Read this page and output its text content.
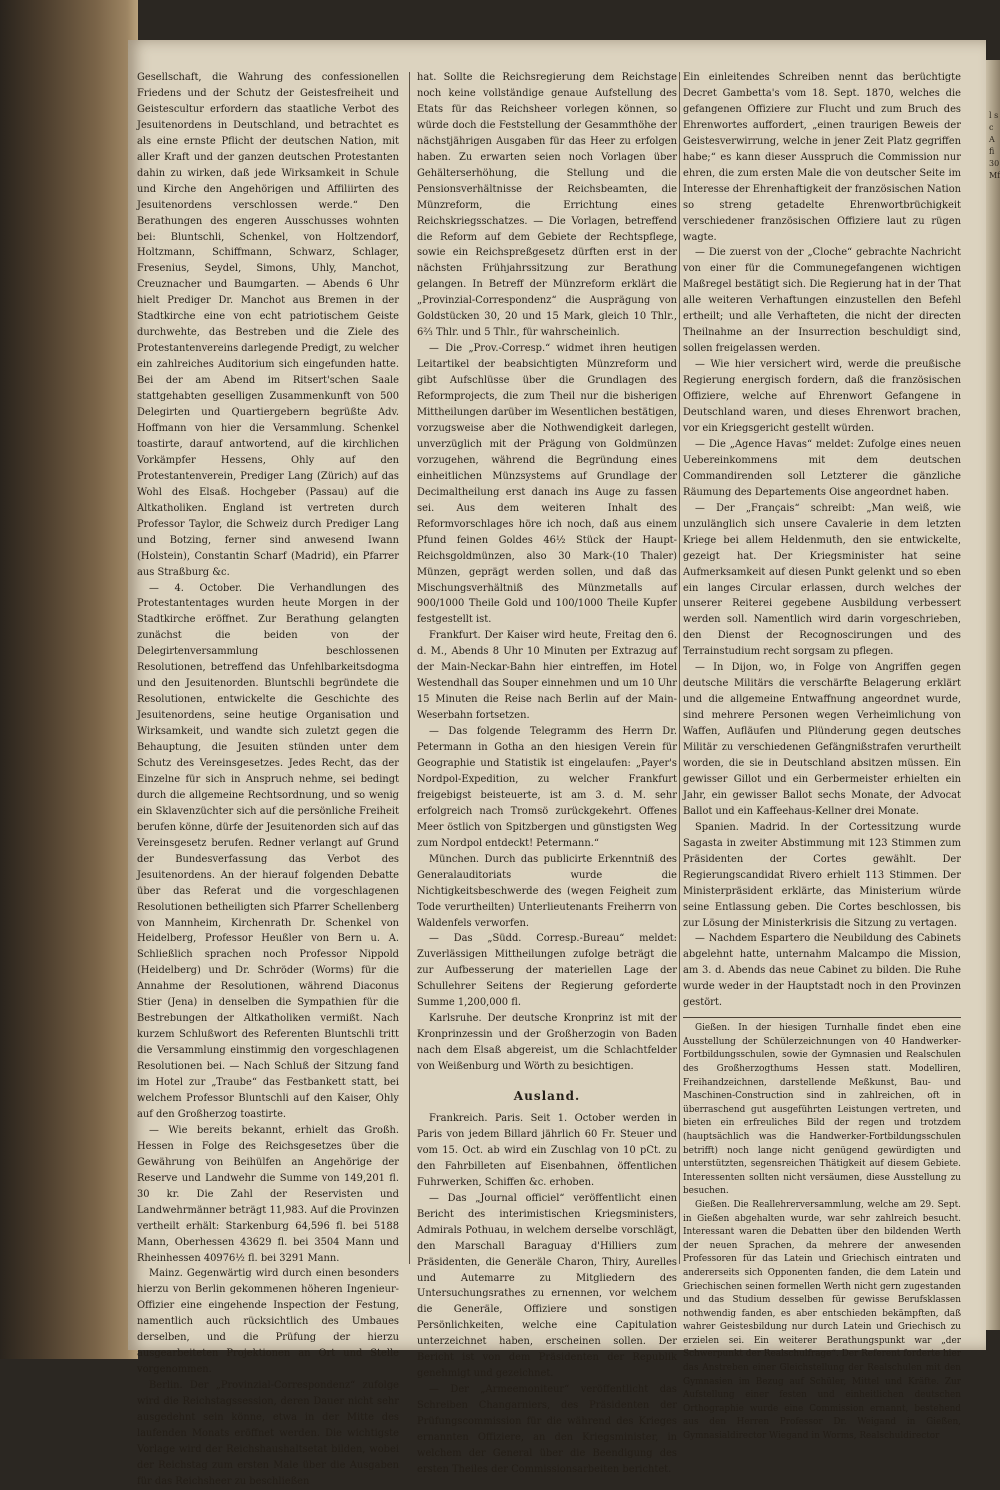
Gesellschaft, die Wahrung des confessionellen Friedens und der Schutz der Geistesfreiheit und Geistescultur erfordern das staatliche Verbot des Jesuitenordens in Deutschland, und betrachtet es als eine ernste Pflicht der deutschen Nation, mit aller Kraft und der ganzen deutschen Protestanten dahin zu wirken, daß jede Wirksamkeit in Schule und Kirche den Angehörigen und Affiliirten des Jesuitenordens verschlossen werde.“ Den Berathungen des engeren Ausschusses wohnten bei: Bluntschli, Schenkel, von Holtzendorf, Holtzmann, Schiffmann, Schwarz, Schlager, Fresenius, Seydel, Simons, Uhly, Manchot, Creuznacher und Baumgarten. — Abends 6 Uhr hielt Prediger Dr. Manchot aus Bremen in der Stadtkirche eine von echt patriotischem Geiste durchwehte, das Bestreben und die Ziele des Protestantenvereins darlegende Predigt, zu welcher ein zahlreiches Auditorium sich eingefunden hatte. Bei der am Abend im Ritsert'schen Saale stattgehabten geselligen Zusammenkunft von 500 Delegirten und Quartiergebern begrüßte Adv. Hoffmann von hier die Versammlung. Schenkel toastirte, darauf antwortend, auf die kirchlichen Vorkämpfer Hessens, Ohly auf den Protestantenverein, Prediger Lang (Zürich) auf das Wohl des Elsaß. Hochgeber (Passau) auf die Altkatholiken. England ist vertreten durch Professor Taylor, die Schweiz durch Prediger Lang und Botzing, ferner sind anwesend Iwann (Holstein), Constantin Scharf (Madrid), ein Pfarrer aus Straßburg &c.

— 4. October. Die Verhandlungen des Protestantentages wurden heute Morgen in der Stadtkirche eröffnet. Zur Berathung gelangten zunächst die beiden von der Delegirtenversammlung beschlossenen Resolutionen, betreffend das Unfehlbarkeitsdogma und den Jesuitenorden. Bluntschli begründete die Resolutionen, entwickelte die Geschichte des Jesuitenordens, seine heutige Organisation und Wirksamkeit, und wandte sich zuletzt gegen die Behauptung, die Jesuiten stünden unter dem Schutz des Vereinsgesetzes. Jedes Recht, das der Einzelne für sich in Anspruch nehme, sei bedingt durch die allgemeine Rechtsordnung, und so wenig ein Sklavenzüchter sich auf die persönliche Freiheit berufen könne, dürfe der Jesuitenorden sich auf das Vereinsgesetz berufen. Redner verlangt auf Grund der Bundesverfassung das Verbot des Jesuitenordens. An der hierauf folgenden Debatte über das Referat und die vorgeschlagenen Resolutionen betheiligten sich Pfarrer Schellenberg von Mannheim, Kirchenrath Dr. Schenkel von Heidelberg, Professor Heußler von Bern u. A. Schließlich sprachen noch Professor Nippold (Heidelberg) und Dr. Schröder (Worms) für die Annahme der Resolutionen, während Diaconus Stier (Jena) in denselben die Sympathien für die Bestrebungen der Altkatholiken vermißt. Nach kurzem Schlußwort des Referenten Bluntschli tritt die Versammlung einstimmig den vorgeschlagenen Resolutionen bei. — Nach Schluß der Sitzung fand im Hotel zur „Traube“ das Festbankett statt, bei welchem Professor Bluntschli auf den Kaiser, Ohly auf den Großherzog toastirte.

— Wie bereits bekannt, erhielt das Großh. Hessen in Folge des Reichsgesetzes über die Gewährung von Beihülfen an Angehörige der Reserve und Landwehr die Summe von 149,201 fl. 30 kr. Die Zahl der Reservisten und Landwehrmänner beträgt 11,983. Auf die Provinzen vertheilt erhält: Starkenburg 64,596 fl. bei 5188 Mann, Oberhessen 43629 fl. bei 3504 Mann und Rheinhessen 40976½ fl. bei 3291 Mann.

Mainz. Gegenwärtig wird durch einen besonders hierzu von Berlin gekommenen höheren Ingenieur-Offizier eine eingehende Inspection der Festung, namentlich auch rücksichtlich des Umbaues derselben, und die Prüfung der hierzu ausgearbeiteten Projektionen an Ort und Stelle vorgenommen.

Berlin. Der „Provinzial-Correspondenz“ zufolge wird die Reichstagssession, deren Dauer nicht sehr ausgedehnt sein könne, etwa in der Mitte des laufenden Monats eröffnet werden. Die wichtigste Vorlage wird der Reichshaushaltsetat bilden, wobei der Reichstag zum ersten Male über die Ausgaben für das Reichsheer zu beschließen

hat. Sollte die Reichsregierung dem Reichstage noch keine vollständige genaue Aufstellung des Etats für das Reichsheer vorlegen können, so würde doch die Feststellung der Gesammthöhe der nächstjährigen Ausgaben für das Heer zu erfolgen haben. Zu erwarten seien noch Vorlagen über Gehälterserhöhung, die Stellung und die Pensionsverhältnisse der Reichsbeamten, die Münzreform, die Errichtung eines Reichskriegsschatzes. — Die Vorlagen, betreffend die Reform auf dem Gebiete der Rechtspflege, sowie ein Reichspreßgesetz dürften erst in der nächsten Frühjahrssitzung zur Berathung gelangen. In Betreff der Münzreform erklärt die „Provinzial-Correspondenz“ die Ausprägung von Goldstücken 30, 20 und 15 Mark, gleich 10 Thlr., 6⅔ Thlr. und 5 Thlr., für wahrscheinlich.

— Die „Prov.-Corresp.“ widmet ihren heutigen Leitartikel der beabsichtigten Münzreform und gibt Aufschlüsse über die Grundlagen des Reformprojects, die zum Theil nur die bisherigen Mittheilungen darüber im Wesentlichen bestätigen, vorzugsweise aber die Nothwendigkeit darlegen, unverzüglich mit der Prägung von Goldmünzen vorzugehen, während die Begründung eines einheitlichen Münzsystems auf Grundlage der Decimaltheilung erst danach ins Auge zu fassen sei. Aus dem weiteren Inhalt des Reformvorschlages höre ich noch, daß aus einem Pfund feinen Goldes 46½ Stück der Haupt-Reichsgoldmünzen, also 30 Mark-(10 Thaler) Münzen, geprägt werden sollen, und daß das Mischungsverhältniß des Münzmetalls auf 900/1000 Theile Gold und 100/1000 Theile Kupfer festgestellt ist.

Frankfurt. Der Kaiser wird heute, Freitag den 6. d. M., Abends 8 Uhr 10 Minuten per Extrazug auf der Main-Neckar-Bahn hier eintreffen, im Hotel Westendhall das Souper einnehmen und um 10 Uhr 15 Minuten die Reise nach Berlin auf der Main-Weserbahn fortsetzen.

— Das folgende Telegramm des Herrn Dr. Petermann in Gotha an den hiesigen Verein für Geographie und Statistik ist eingelaufen: „Payer's Nordpol-Expedition, zu welcher Frankfurt freigebigst beisteuerte, ist am 3. d. M. sehr erfolgreich nach Tromsö zurückgekehrt. Offenes Meer östlich von Spitzbergen und günstigsten Weg zum Nordpol entdeckt! Petermann.“

München. Durch das publicirte Erkenntniß des Generalauditoriats wurde die Nichtigkeitsbeschwerde des (wegen Feigheit zum Tode verurtheilten) Unterlieutenants Freiherrn von Waldenfels verworfen.

— Das „Südd. Corresp.-Bureau“ meldet: Zuverlässigen Mittheilungen zufolge beträgt die zur Aufbesserung der materiellen Lage der Schullehrer Seitens der Regierung geforderte Summe 1,200,000 fl.

Karlsruhe. Der deutsche Kronprinz ist mit der Kronprinzessin und der Großherzogin von Baden nach dem Elsaß abgereist, um die Schlachtfelder von Weißenburg und Wörth zu besichtigen.

Ausland.

Frankreich. Paris. Seit 1. October werden in Paris von jedem Billard jährlich 60 Fr. Steuer und vom 15. Oct. ab wird ein Zuschlag von 10 pCt. zu den Fahrbilleten auf Eisenbahnen, öffentlichen Fuhrwerken, Schiffen &c. erhoben.

— Das „Journal officiel“ veröffentlicht einen Bericht des interimistischen Kriegsministers, Admirals Pothuau, in welchem derselbe vorschlägt, den Marschall Baraguay d'Hilliers zum Präsidenten, die Generäle Charon, Thiry, Aurelles und Autemarre zu Mitgliedern des Untersuchungsrathes zu ernennen, vor welchem die Generäle, Offiziere und sonstigen Persönlichkeiten, welche eine Capitulation unterzeichnet haben, erscheinen sollen. Der Bericht ist von dem Präsidenten der Republik genehmigt und gezeichnet.

— Der „Armeemoniteur“ veröffentlicht das Schreiben Changarniers, des Präsidenten der Prüfungscommission für die während des Krieges ernannten Offiziere, an den Kriegsminister, in welchem der General über die Beendigung des ersten Theiles der Commissionsarbeiten berichtet.

Ein einleitendes Schreiben nennt das berüchtigte Decret Gambetta's vom 18. Sept. 1870, welches die gefangenen Offiziere zur Flucht und zum Bruch des Ehrenwortes auffordert, „einen traurigen Beweis der Geistesverwirrung, welche in jener Zeit Platz gegriffen habe;“ es kann dieser Ausspruch die Commission nur ehren, die zum ersten Male die von deutscher Seite im Interesse der Ehrenhaftigkeit der französischen Nation so streng getadelte Ehrenwortbrüchigkeit verschiedener französischen Offiziere laut zu rügen wagte.

— Die zuerst von der „Cloche“ gebrachte Nachricht von einer für die Communegefangenen wichtigen Maßregel bestätigt sich. Die Regierung hat in der That alle weiteren Verhaftungen einzustellen den Befehl ertheilt; und alle Verhafteten, die nicht der directen Theilnahme an der Insurrection beschuldigt sind, sollen freigelassen werden.

— Wie hier versichert wird, werde die preußische Regierung energisch fordern, daß die französischen Offiziere, welche auf Ehrenwort Gefangene in Deutschland waren, und dieses Ehrenwort brachen, vor ein Kriegsgericht gestellt würden.

— Die „Agence Havas“ meldet: Zufolge eines neuen Uebereinkommens mit dem deutschen Commandirenden soll Letzterer die gänzliche Räumung des Departements Oise angeordnet haben.

— Der „Français“ schreibt: „Man weiß, wie unzulänglich sich unsere Cavalerie in dem letzten Kriege bei allem Heldenmuth, den sie entwickelte, gezeigt hat. Der Kriegsminister hat seine Aufmerksamkeit auf diesen Punkt gelenkt und so eben ein langes Circular erlassen, durch welches der unserer Reiterei gegebene Ausbildung verbessert werden soll. Namentlich wird darin vorgeschrieben, den Dienst der Recognoscirungen und des Terrainstudium recht sorgsam zu pflegen.

— In Dijon, wo, in Folge von Angriffen gegen deutsche Militärs die verschärfte Belagerung erklärt und die allgemeine Entwaffnung angeordnet wurde, sind mehrere Personen wegen Verheimlichung von Waffen, Aufläufen und Plünderung gegen deutsches Militär zu verschiedenen Gefängnißstrafen verurtheilt worden, die sie in Deutschland absitzen müssen. Ein gewisser Gillot und ein Gerbermeister erhielten ein Jahr, ein gewisser Ballot sechs Monate, der Advocat Ballot und ein Kaffeehaus-Kellner drei Monate.

Spanien. Madrid. In der Cortessitzung wurde Sagasta in zweiter Abstimmung mit 123 Stimmen zum Präsidenten der Cortes gewählt. Der Regierungscandidat Rivero erhielt 113 Stimmen. Der Ministerpräsident erklärte, das Ministerium würde seine Entlassung geben. Die Cortes beschlossen, bis zur Lösung der Ministerkrisis die Sitzung zu vertagen.

— Nachdem Espartero die Neubildung des Cabinets abgelehnt hatte, unternahm Malcampo die Mission, am 3. d. Abends das neue Cabinet zu bilden. Die Ruhe wurde weder in der Hauptstadt noch in den Provinzen gestört.

Gießen. In der hiesigen Turnhalle findet eben eine Ausstellung der Schülerzeichnungen von 40 Handwerker-Fortbildungsschulen, sowie der Gymnasien und Realschulen des Großherzogthums Hessen statt. Modelliren, Freihandzeichnen, darstellende Meßkunst, Bau- und Maschinen-Construction sind in zahlreichen, oft in überraschend gut ausgeführten Leistungen vertreten, und bieten ein erfreuliches Bild der regen und trotzdem (hauptsächlich was die Handwerker-Fortbildungsschulen betrifft) noch lange nicht genügend gewürdigten und unterstützten, segensreichen Thätigkeit auf diesem Gebiete. Interessenten sollten nicht versäumen, diese Ausstellung zu besuchen.

Gießen. Die Reallehrerversammlung, welche am 29. Sept. in Gießen abgehalten wurde, war sehr zahlreich besucht. Interessant waren die Debatten über den bildenden Werth der neuen Sprachen, da mehrere der anwesenden Professoren für das Latein und Griechisch eintraten und andererseits sich Opponenten fanden, die dem Latein und Griechischen seinen formellen Werth nicht gern zugestanden und das Studium desselben für gewisse Berufsklassen nothwendig fanden, es aber entschieden bekämpften, daß wahrer Geistesbildung nur durch Latein und Griechisch zu erzielen sei. Ein weiterer Berathungspunkt war „der Schwerpunkt der Realschulfrage“. Der Referent forderte hier das Anstreben einer Gleichstellung der Realschulen mit den Gymnasien im Bezug auf Schüler, Mittel und Kräfte. Zur Aufstellung einer festen und einheitlichen deutschen Orthographie wurde eine Commission ernannt, bestehend aus den Herren Professor Dr. Weigand in Gießen, Gymnasialdirector Wiegand in Worms, Realschuldirector

l s c A fi 30 Mf
